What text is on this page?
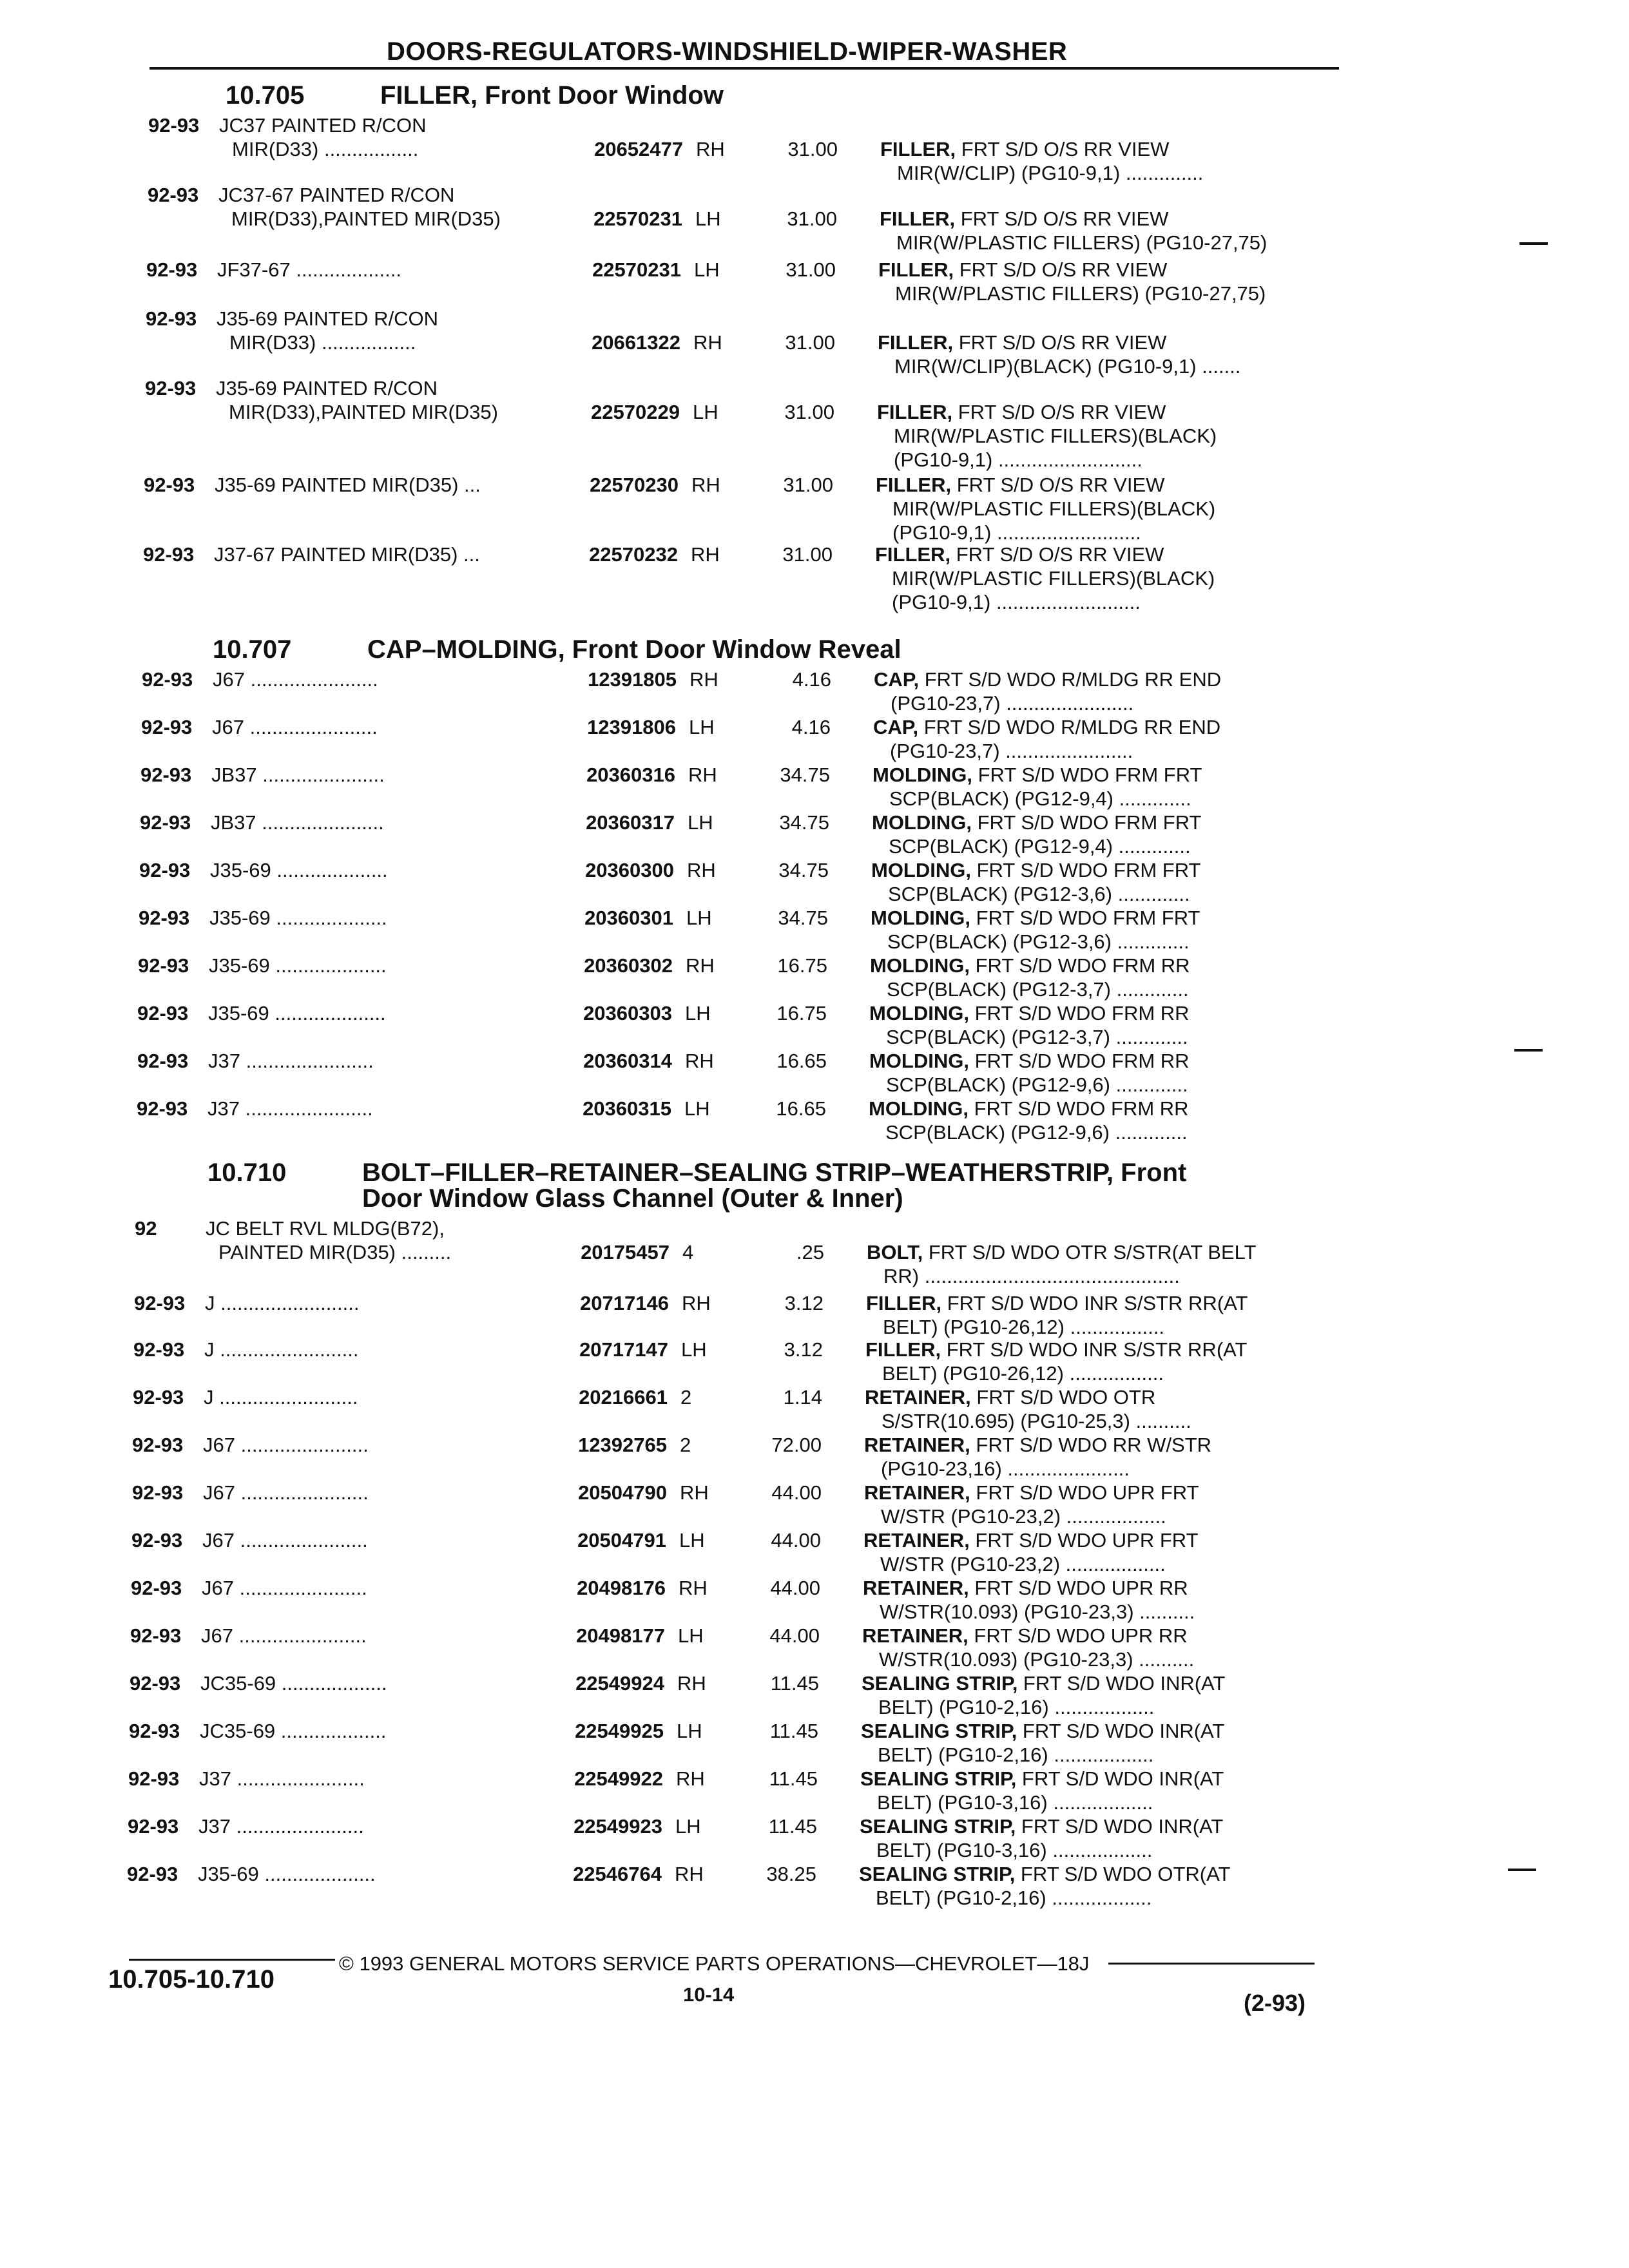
DOORS-REGULATORS-WINDSHIELD-WIPER-WASHER
10.705	FILLER, Front Door Window
92-93 JC37 PAINTED R/CON
MIR(D33) .................	20652477 RH	31.00 FILLER, FRT S/D O/S RR VIEW
MIR(W/CLIP) (PG10-9,1) ..............
92-93 JC37-67 PAINTED R/CON
MIR(D33),PAINTED MIR(D35)	22570231 LH	31.00 FILLER, FRT S/D O/S RR VIEW
MIR(W/PLASTIC FILLERS) (PG10-27,75)
92-93 JF37-67 ...................	22570231 LH	31.00 FILLER, FRT S/D O/S RR VIEW
MIR(W/PLASTIC FILLERS) (PG10-27,75)
92-93 J35-69 PAINTED R/CON
MIR(D33) .................	20661322 RH	31.00 FILLER, FRT S/D O/S RR VIEW
MIR(W/CLIP)(BLACK) (PG10-9,1) .......
92-93 J35-69 PAINTED R/CON
MIR(D33),PAINTED MIR(D35)	22570229 LH	31.00 FILLER, FRT S/D O/S RR VIEW
MIR(W/PLASTIC FILLERS)(BLACK)
(PG10-9,1) ..........................
92-93 J35-69 PAINTED MIR(D35) ...	22570230 RH	31.00 FILLER, FRT S/D O/S RR VIEW
MIR(W/PLASTIC FILLERS)(BLACK)
(PG10-9,1) ..........................
92-93 J37-67 PAINTED MIR(D35) ...	22570232 RH	31.00 FILLER, FRT S/D O/S RR VIEW
MIR(W/PLASTIC FILLERS)(BLACK)
(PG10-9,1) ..........................
10.707	CAP–MOLDING, Front Door Window Reveal
92-93 J67 .......................	12391805 RH	4.16 CAP, FRT S/D WDO R/MLDG RR END
(PG10-23,7) .......................
92-93 J67 .......................	12391806 LH	4.16 CAP, FRT S/D WDO R/MLDG RR END
(PG10-23,7) .......................
92-93 JB37 ......................	20360316 RH	34.75 MOLDING, FRT S/D WDO FRM FRT
SCP(BLACK) (PG12-9,4) .............
92-93 JB37 ......................	20360317 LH	34.75 MOLDING, FRT S/D WDO FRM FRT
SCP(BLACK) (PG12-9,4) .............
92-93 J35-69 ....................	20360300 RH	34.75 MOLDING, FRT S/D WDO FRM FRT
SCP(BLACK) (PG12-3,6) .............
92-93 J35-69 ....................	20360301 LH	34.75 MOLDING, FRT S/D WDO FRM FRT
SCP(BLACK) (PG12-3,6) .............
92-93 J35-69 ....................	20360302 RH	16.75 MOLDING, FRT S/D WDO FRM RR
SCP(BLACK) (PG12-3,7) .............
92-93 J35-69 ....................	20360303 LH	16.75 MOLDING, FRT S/D WDO FRM RR
SCP(BLACK) (PG12-3,7) .............
92-93 J37 .......................	20360314 RH	16.65 MOLDING, FRT S/D WDO FRM RR
SCP(BLACK) (PG12-9,6) .............
92-93 J37 .......................	20360315 LH	16.65 MOLDING, FRT S/D WDO FRM RR
SCP(BLACK) (PG12-9,6) .............
10.710	BOLT–FILLER–RETAINER–SEALING STRIP–WEATHERSTRIP, Front
Door Window Glass Channel (Outer & Inner)
92 JC BELT RVL MLDG(B72),
PAINTED MIR(D35) .........	20175457 4	.25 BOLT, FRT S/D WDO OTR S/STR(AT BELT
RR) ..............................................
92-93 J .........................	20717146 RH	3.12 FILLER, FRT S/D WDO INR S/STR RR(AT
BELT) (PG10-26,12) .................
92-93 J .........................	20717147 LH	3.12 FILLER, FRT S/D WDO INR S/STR RR(AT
BELT) (PG10-26,12) .................
92-93 J .........................	20216661 2	1.14 RETAINER, FRT S/D WDO OTR
S/STR(10.695) (PG10-25,3) ..........
92-93 J67 .......................	12392765 2	72.00 RETAINER, FRT S/D WDO RR W/STR
(PG10-23,16) ......................
92-93 J67 .......................	20504790 RH	44.00 RETAINER, FRT S/D WDO UPR FRT
W/STR (PG10-23,2) ..................
92-93 J67 .......................	20504791 LH	44.00 RETAINER, FRT S/D WDO UPR FRT
W/STR (PG10-23,2) ..................
92-93 J67 .......................	20498176 RH	44.00 RETAINER, FRT S/D WDO UPR RR
W/STR(10.093) (PG10-23,3) ..........
92-93 J67 .......................	20498177 LH	44.00 RETAINER, FRT S/D WDO UPR RR
W/STR(10.093) (PG10-23,3) ..........
92-93 JC35-69 ...................	22549924 RH	11.45 SEALING STRIP, FRT S/D WDO INR(AT
BELT) (PG10-2,16) ..................
92-93 JC35-69 ...................	22549925 LH	11.45 SEALING STRIP, FRT S/D WDO INR(AT
BELT) (PG10-2,16) ..................
92-93 J37 .......................	22549922 RH	11.45 SEALING STRIP, FRT S/D WDO INR(AT
BELT) (PG10-3,16) ..................
92-93 J37 .......................	22549923 LH	11.45 SEALING STRIP, FRT S/D WDO INR(AT
BELT) (PG10-3,16) ..................
92-93 J35-69 ....................	22546764 RH	38.25 SEALING STRIP, FRT S/D WDO OTR(AT
BELT) (PG10-2,16) ..................
© 1993 GENERAL MOTORS SERVICE PARTS OPERATIONS—CHEVROLET—18J
10.705-10.710
10-14	(2-93)
